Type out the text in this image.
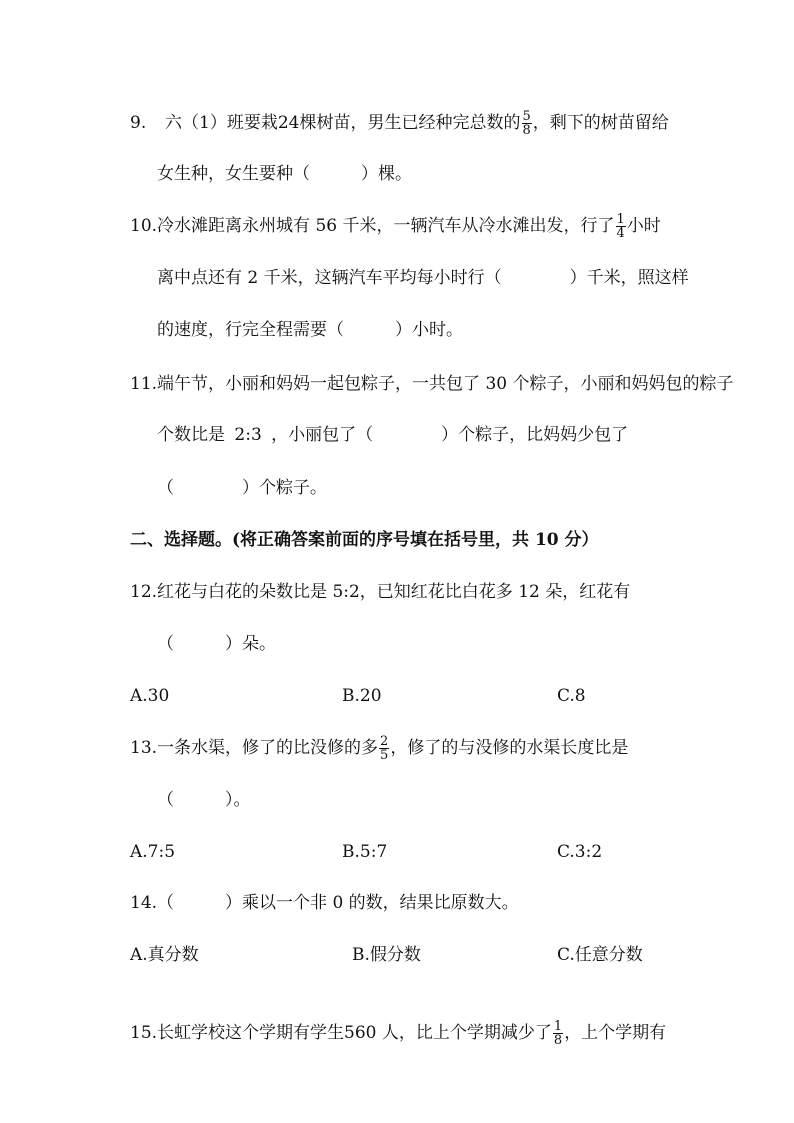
9. 六（1）班要栽24棵树苗，男生已经种完总数的 $\frac{5}{8}$ ，剩下的树苗留给
女生种，女生要种（　　　）棵。
10.冷水滩距离永州城有 56 千米，一辆汽车从冷水滩出发，行了 $\frac{1}{4}$ 小时
离中点还有 2 千米，这辆汽车平均每小时行（　　　　）千米，照这样
的速度，行完全程需要（　　　）小时。
11.端午节，小丽和妈妈一起包粽子，一共包了 30 个粽子，小丽和妈妈包的粽子
个数比是 2:3 ，小丽包了（　　　　）个粽子，比妈妈少包了
（　　　　）个粽子。
二、选择题。(将正确答案前面的序号填在括号里，共 10 分）
12.红花与白花的朵数比是 5:2，已知红花比白花多 12 朵，红花有
（　　　）朵。
A.30	B.20	C.8
13.一条水渠，修了的比没修的多 $\frac{2}{5}$ ，修了的与没修的水渠长度比是
（　　　）。
A.7:5	B.5:7	C.3:2
14.（　　　）乘以一个非 0 的数，结果比原数大。
A.真分数	B.假分数	C.任意分数
15.长虹学校这个学期有学生560 人，比上个学期减少了 $\frac{1}{8}$ ，上个学期有
